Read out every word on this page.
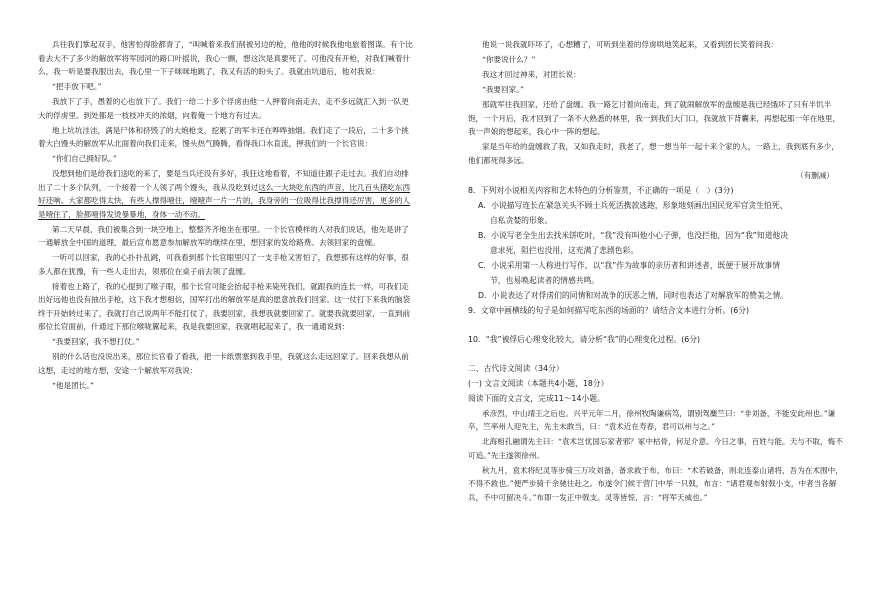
兵往我们掌起双手，他害怕得脸都青了，“叫喊着来我们削被另边的枪，他他的时候我他电旅着图谋。有个比看去大不了多少的解放军将军园河的路口叶摇说，我心一颤，想这次是真要死了。可他没有开枪，对我们喊着什么，我一听是要我服出去，我心里一下子咪咪地跳了，我又有活的盼头了。我就由坑道后，他对我说：

“把手放下吧。”

我放下了手，愚着的心也放下了。我们一给二十多个俘虏由他一人押着向南走去，走不多远就汇入到一队更大的俘虏里。到处都是一枝枝冲天的浓烟，向着俺一个地方有过去。

地上坑坑洼洼，满是尸体和挤毁了的大炮枪支，挖累了的军卡还在哗哗抽烟。我们走了一段后，二十多个挑着大白馒头的解放军从北面着向我们走来，馒头热气腾腾，看得我口水直流，押我们的一个长官说：

“你们自己拥好队。”

没想到他们是给我们送吃的来了，要是当兵还没有多好，我狂这地看着，不知道往跟子走过去。我们自动排出了二十多个队列，一个接着一个人领了两个馒头，我从没吃到过这么一大块吃东西的声音，比几百头猪吃东西好还响。大家都吃得太快，有些人撑得噎住，噎噎声一片一片的，我身旁的一位吸得比我撑得还厉害，更多的人是噎住了，脸都噎得发烫暴暴地，身体一动不动。

第二天早晨，我们被集合到一块空地上，整整齐齐地坐在那里。一个长官模样的人对我们说话，他先是讲了一通解放全中国的道理，最后宣布愿意参加解放军的继续在里，想回家的发给路费。去领回家的盘缠。

一听可以回家，我的心扑扑乱跳，可我看到那个长官眼里闪了一支手枪又害怕了，我想那有这样的好事，很多人都在犹豫，有一些人走出去，领那位在桌子前去领了盘缠。

接着也上路了，我的心提到了喉子眼，那个长官可能会抬起手枪来毙死我们，就跟我的连长一样，可我们走出好远他也没有抽出手枪，这下我才想相信，国军打出的解放军是真的愿意放我们回家。这一仗打下来我的脑袋终于开始转过来了，我就打自己说两年不能打仗了，我要回家，我想我就要回家了。就要我就要回家，一直到前那位长官面前，什通过下那位喉咙翼起来，我是我要回家，我就唱起起来了，我一通通说到：

“我要回家，我不想打仗。”

别的什么话也没说出来，那位长官看了看我，把一卡纸票塞到我手里，我就这么走远回家了。回来我想从前这想，走过的地方想，安途一个解放军对我说：

“他是团长。”

他说一说我就吓坏了，心想糟了，可听到坐着的俘虏哄地笑起来，又看到团长笑着问我：

“你要说什么？”

我这才回过神来，对团长说：

“我要回家。”

那就军往我回家，还给了盘缠。我一路乞讨着向南走，到了就闹解放军的盘缠是我已经饿坏了只有半饥半饱，一个月后，我才回到了一条不大熟悉的林里，我一到我们大门口，我就放下背囊来，再想起那一年在地里，我一声娘的想起来，我心中一阵的想起。

家是当年给的盘缠救了我，又如我走时，我老了，想一想当年一起十来个家的人，一路上，我到底有多少，他们都死得多远。

（有删减）

8．下列对小说相关内容和艺术特色的分析鉴赏，不正确的一项是（　）(3分)

A．小说描写连长在紧急关头不顾士兵死活携款逃跑，形象地刻画出国民党军官贪生怕死、

自私贪婪的形象。

B．小说写老全生出去找米饼吃时，“我”没有叫他小心子弹，也没拦他，因为“我”知道他决

意求死，阻拦也没用，这充满了悲剧色彩。

C．小说采用第一人称进行写作，以“我”作为故事的亲历者和讲述者，既便于展开故事情

节，也易唤起读者的情感共鸣。

D．小说表达了对俘虏们的同情和对战争的厌恶之情，同时也表达了对解放军的赞美之情。

9．文章中画横线的句子是如何描写吃东西的场面的？请结合文本进行分析。(6分)

10．“我”被俘后心理变化较大，请分析“我”的心理变化过程。(6分)

二、古代诗文阅读（34分）

(一) 文言文阅读（本题共4小题，18分）

阅读下面的文言文，完成11～14小题。

承彦烈，中山靖王之后也。兴平元年二月，徐州牧陶谦病笃，谓别驾麋竺曰：“非刘备，不能安此州也。”谦卒，竺率州人迎先主，先主未敢当，曰：“袁术近在寿春，君可以州与之。”

北海相孔融谓先主曰：“袁术岂忧国忘家者邪？冢中枯骨，何足介意。今日之事，百姓与能。天与不取，悔不可追。”先主遂领徐州。

秋九月，袁术将纪灵等步骑三万攻刘备，备求救于布。布曰：“术若破备，则北连泰山诸将，吾为在术围中，不得不救也。”便严步骑千余驰往赴之。布遂令门候于营门中举一只戟，布言：“诸君观布射戟小支，中者当各解兵，不中可留决斗。”布即一发正中戟支。灵等皆惊，言：“将军天威也。”
